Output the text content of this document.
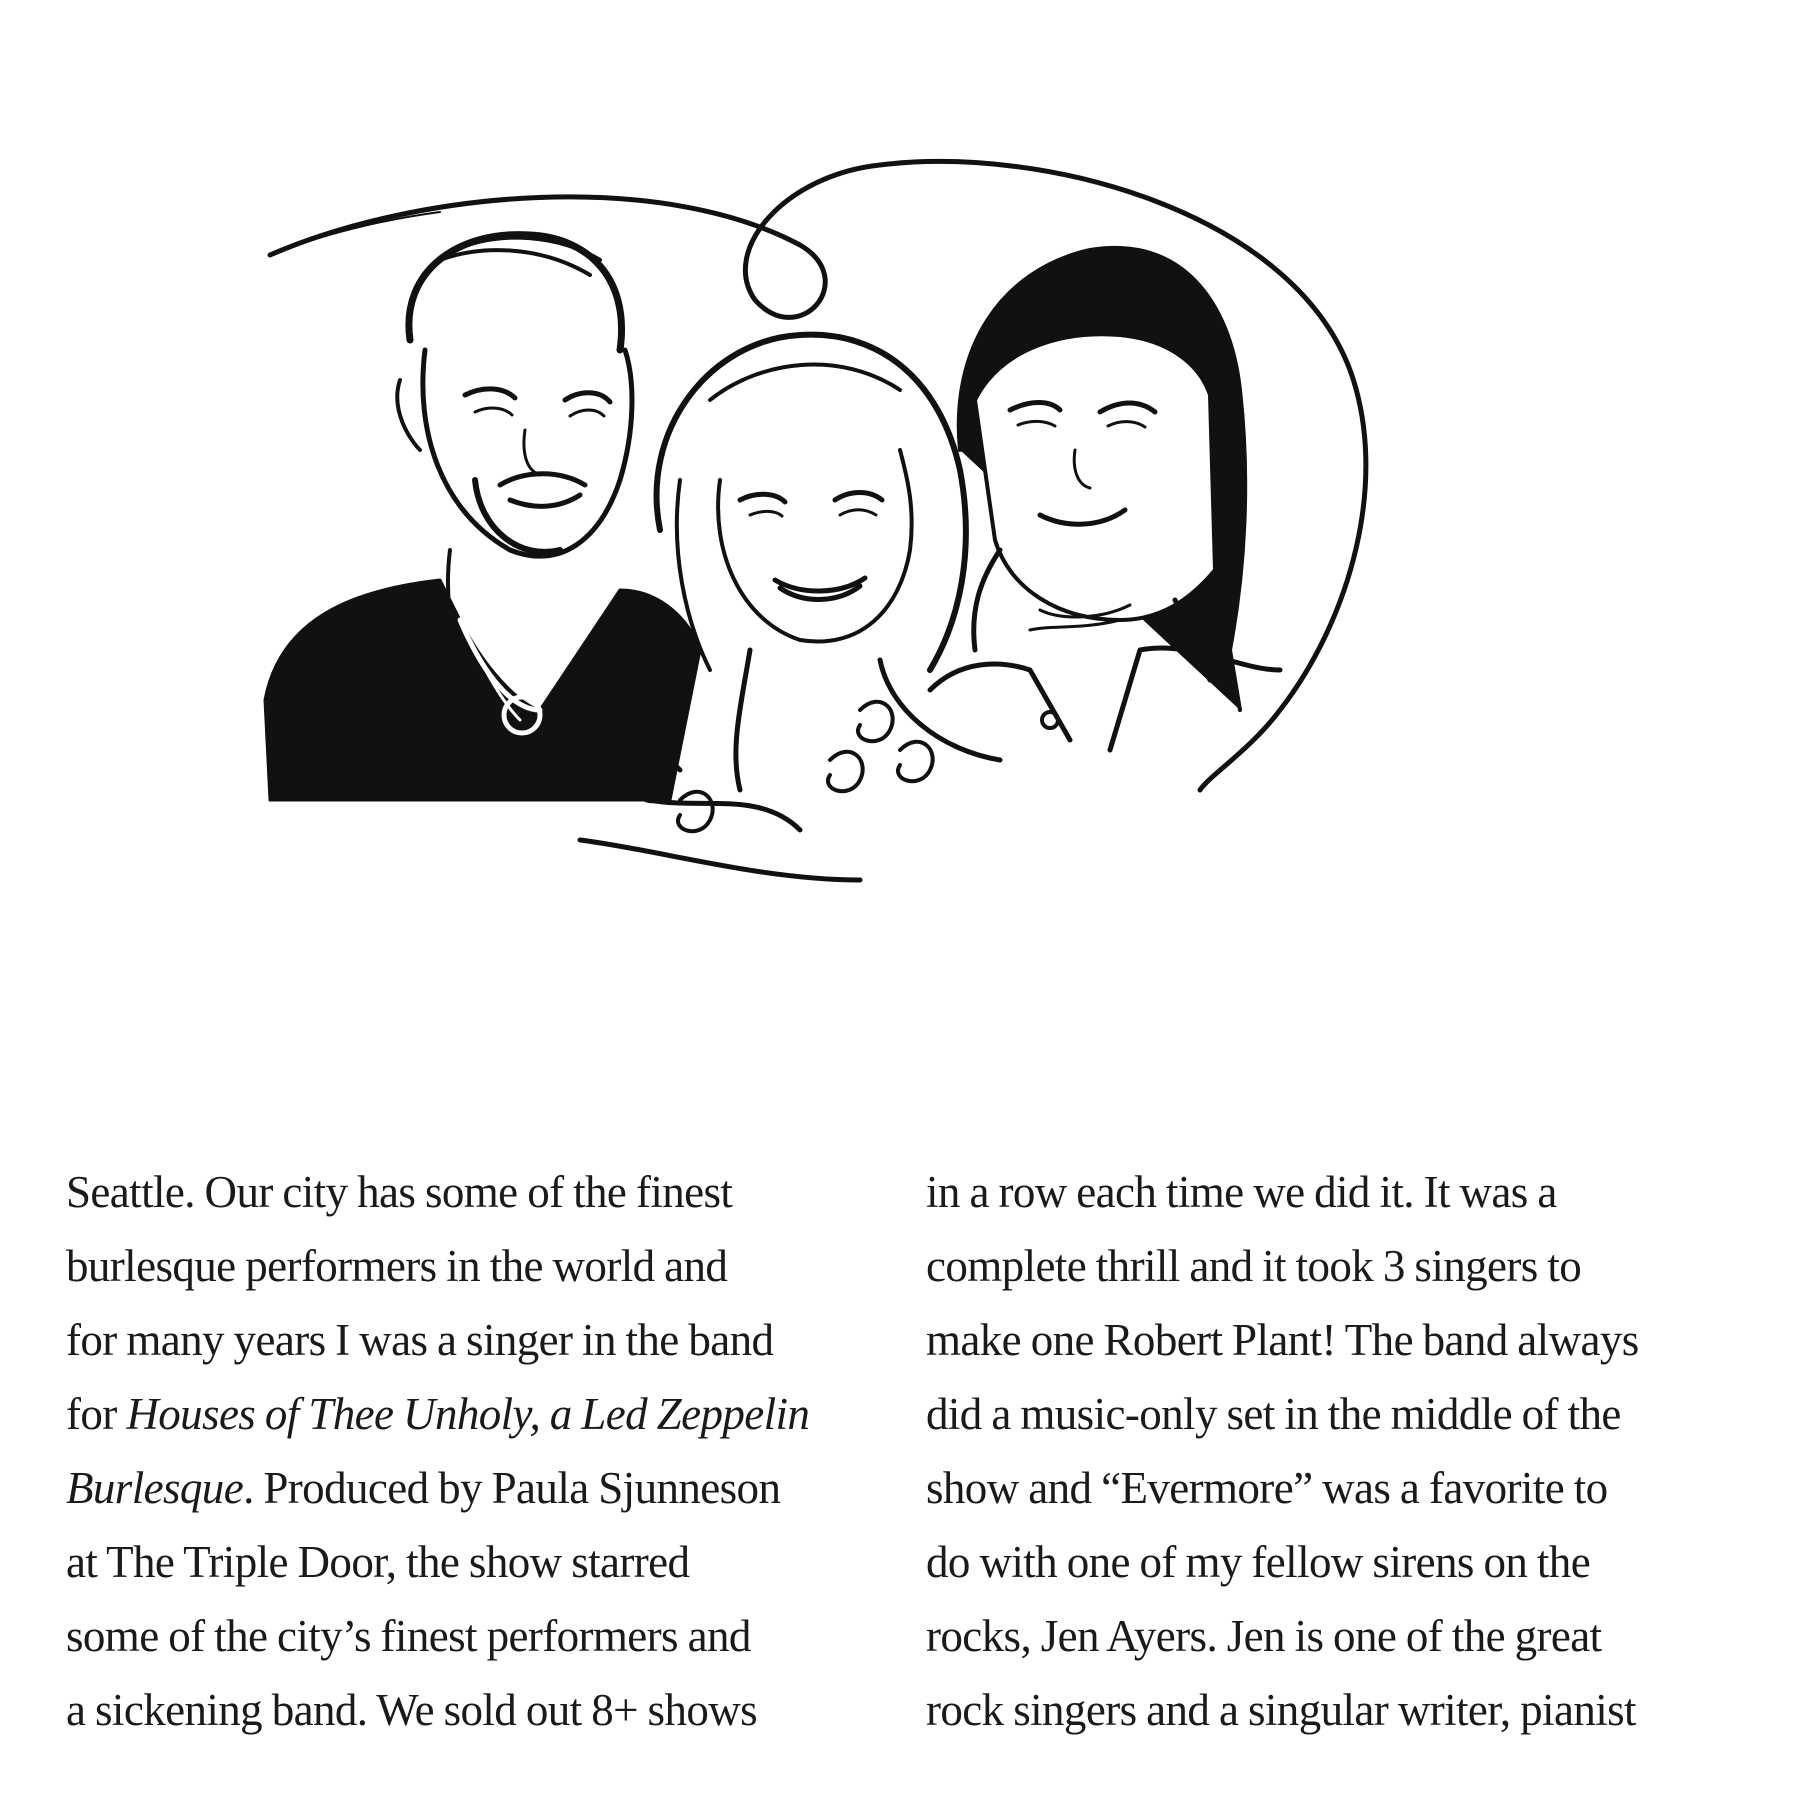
Seattle. Our city has some of the finest
burlesque performers in the world and
for many years I was a singer in the band
for Houses of Thee Unholy, a Led Zeppelin
Burlesque. Produced by Paula Sjunneson
at The Triple Door, the show starred
some of the city’s finest performers and
a sickening band. We sold out 8+ shows
in a row each time we did it. It was a
complete thrill and it took 3 singers to
make one Robert Plant! The band always
did a music-only set in the middle of the
show and “Evermore” was a favorite to
do with one of my fellow sirens on the
rocks, Jen Ayers. Jen is one of the great
rock singers and a singular writer, pianist
